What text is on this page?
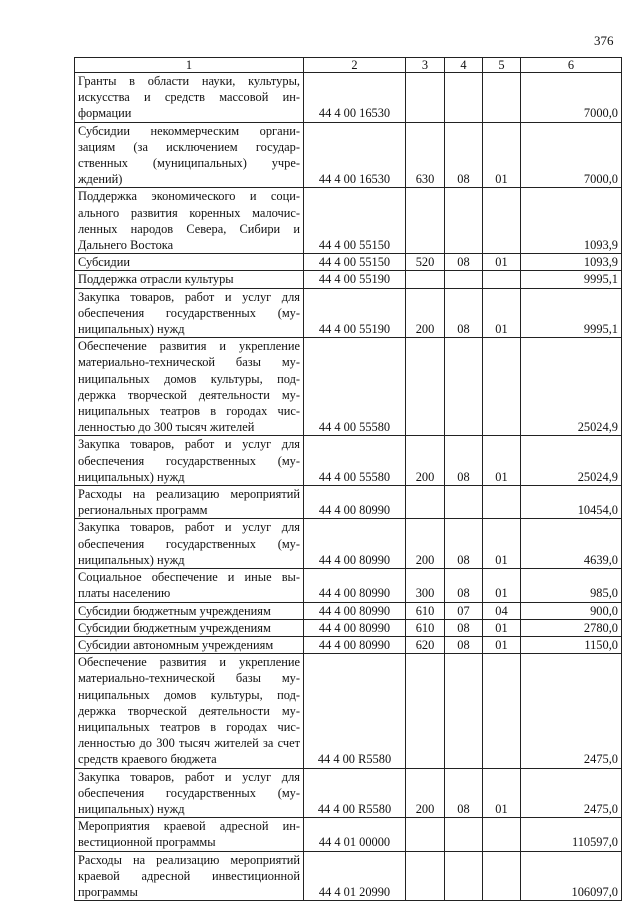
376
1	2	3	4	5	6
Гранты в области науки, культуры, искусства и средств массовой ин-формации	44 4 00 16530				7000,0
Субсидии некоммерческим органи-зациям (за исключением государ-ственных (муниципальных) учре-ждений)	44 4 00 16530	630	08	01	7000,0
Поддержка экономического и соци-ального развития коренных малочис-ленных народов Севера, Сибири и Дальнего Востока	44 4 00 55150				1093,9
Субсидии	44 4 00 55150	520	08	01	1093,9
Поддержка отрасли культуры	44 4 00 55190				9995,1
Закупка товаров, работ и услуг для обеспечения государственных (му-ниципальных) нужд	44 4 00 55190	200	08	01	9995,1
Обеспечение развития и укрепление материально-технической базы му-ниципальных домов культуры, под-держка творческой деятельности му-ниципальных театров в городах чис-ленностью до 300 тысяч жителей	44 4 00 55580				25024,9
Закупка товаров, работ и услуг для обеспечения государственных (му-ниципальных) нужд	44 4 00 55580	200	08	01	25024,9
Расходы на реализацию мероприятий региональных программ	44 4 00 80990				10454,0
Закупка товаров, работ и услуг для обеспечения государственных (му-ниципальных) нужд	44 4 00 80990	200	08	01	4639,0
Социальное обеспечение и иные вы-платы населению	44 4 00 80990	300	08	01	985,0
Субсидии бюджетным учреждениям	44 4 00 80990	610	07	04	900,0
Субсидии бюджетным учреждениям	44 4 00 80990	610	08	01	2780,0
Субсидии автономным учреждениям	44 4 00 80990	620	08	01	1150,0
Обеспечение развития и укрепление материально-технической базы му-ниципальных домов культуры, под-держка творческой деятельности му-ниципальных театров в городах чис-ленностью до 300 тысяч жителей за счет средств краевого бюджета	44 4 00 R5580				2475,0
Закупка товаров, работ и услуг для обеспечения государственных (му-ниципальных) нужд	44 4 00 R5580	200	08	01	2475,0
Мероприятия краевой адресной ин-вестиционной программы	44 4 01 00000				110597,0
Расходы на реализацию мероприятий краевой адресной инвестиционной программы	44 4 01 20990				106097,0
